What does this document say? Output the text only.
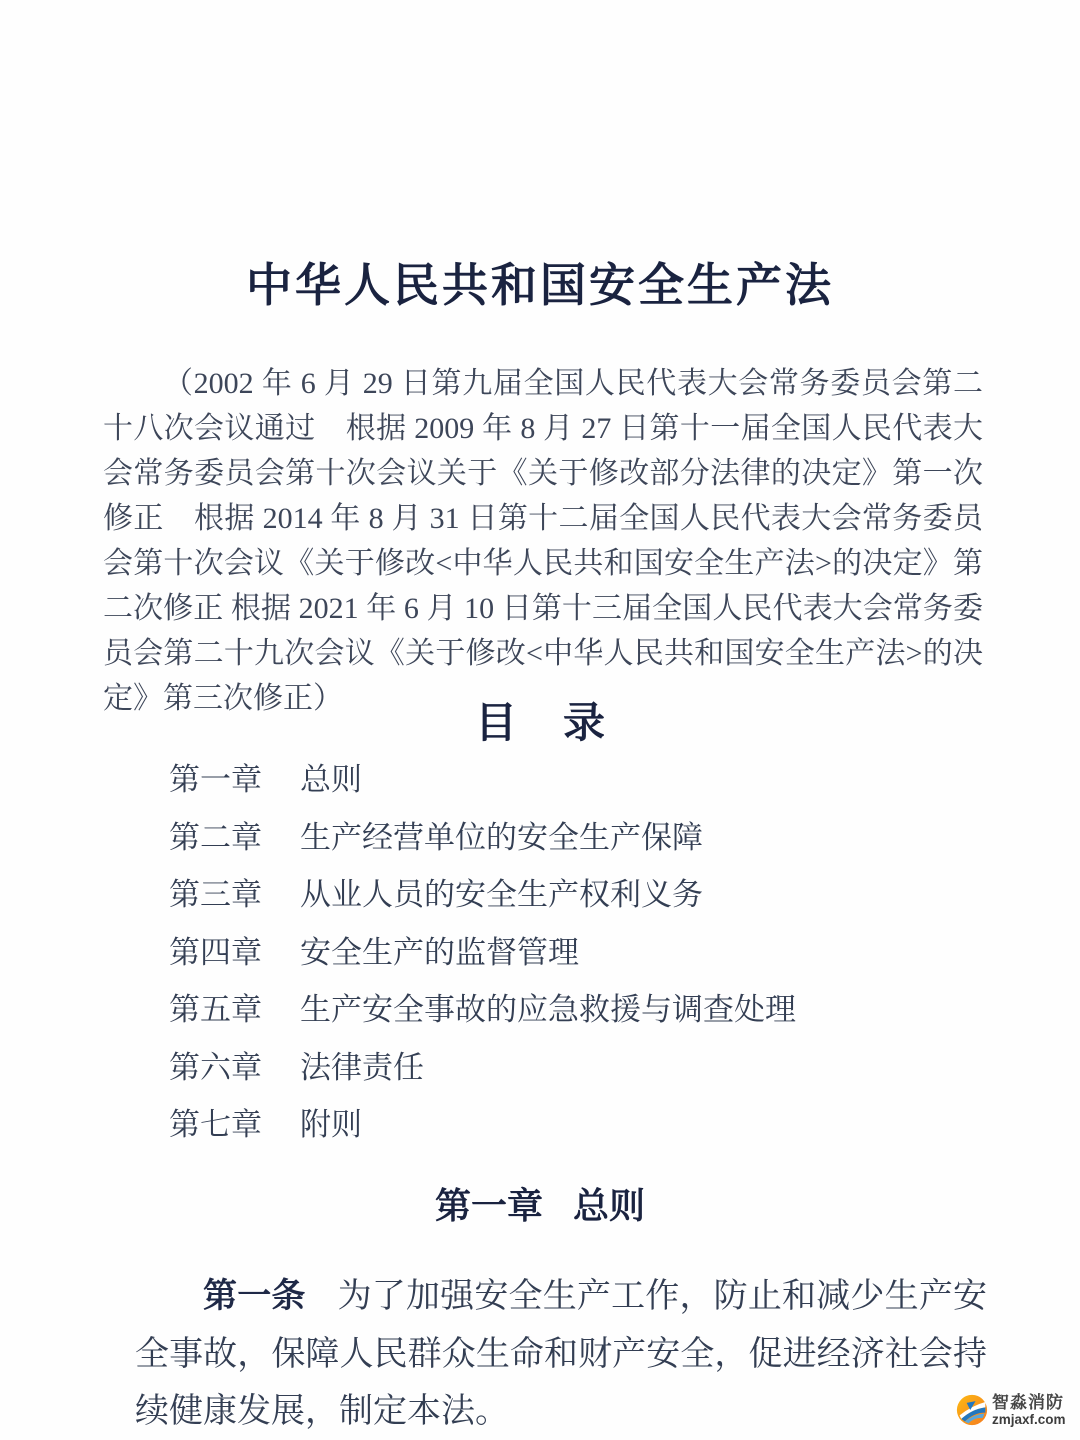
中华人民共和国安全生产法

（2002 年 6 月 29 日第九届全国人民代表大会常务委员会第二十八次会议通过　根据 2009 年 8 月 27 日第十一届全国人民代表大会常务委员会第十次会议关于《关于修改部分法律的决定》第一次修正　根据 2014 年 8 月 31 日第十二届全国人民代表大会常务委员会第十次会议《关于修改<中华人民共和国安全生产法>的决定》第二次修正 根据 2021 年 6 月 10 日第十三届全国人民代表大会常务委员会第二十九次会议《关于修改<中华人民共和国安全生产法>的决定》第三次修正）

目 录
第一章	总则
第二章	生产经营单位的安全生产保障
第三章	从业人员的安全生产权利义务
第四章	安全生产的监督管理
第五章	生产安全事故的应急救援与调查处理
第六章	法律责任
第七章	附则
第一章 总则

第一条 为了加强安全生产工作，防止和减少生产安全事故，保障人民群众生命和财产安全，促进经济社会持续健康发展，制定本法。	智淼消防
zmjaxf.com
